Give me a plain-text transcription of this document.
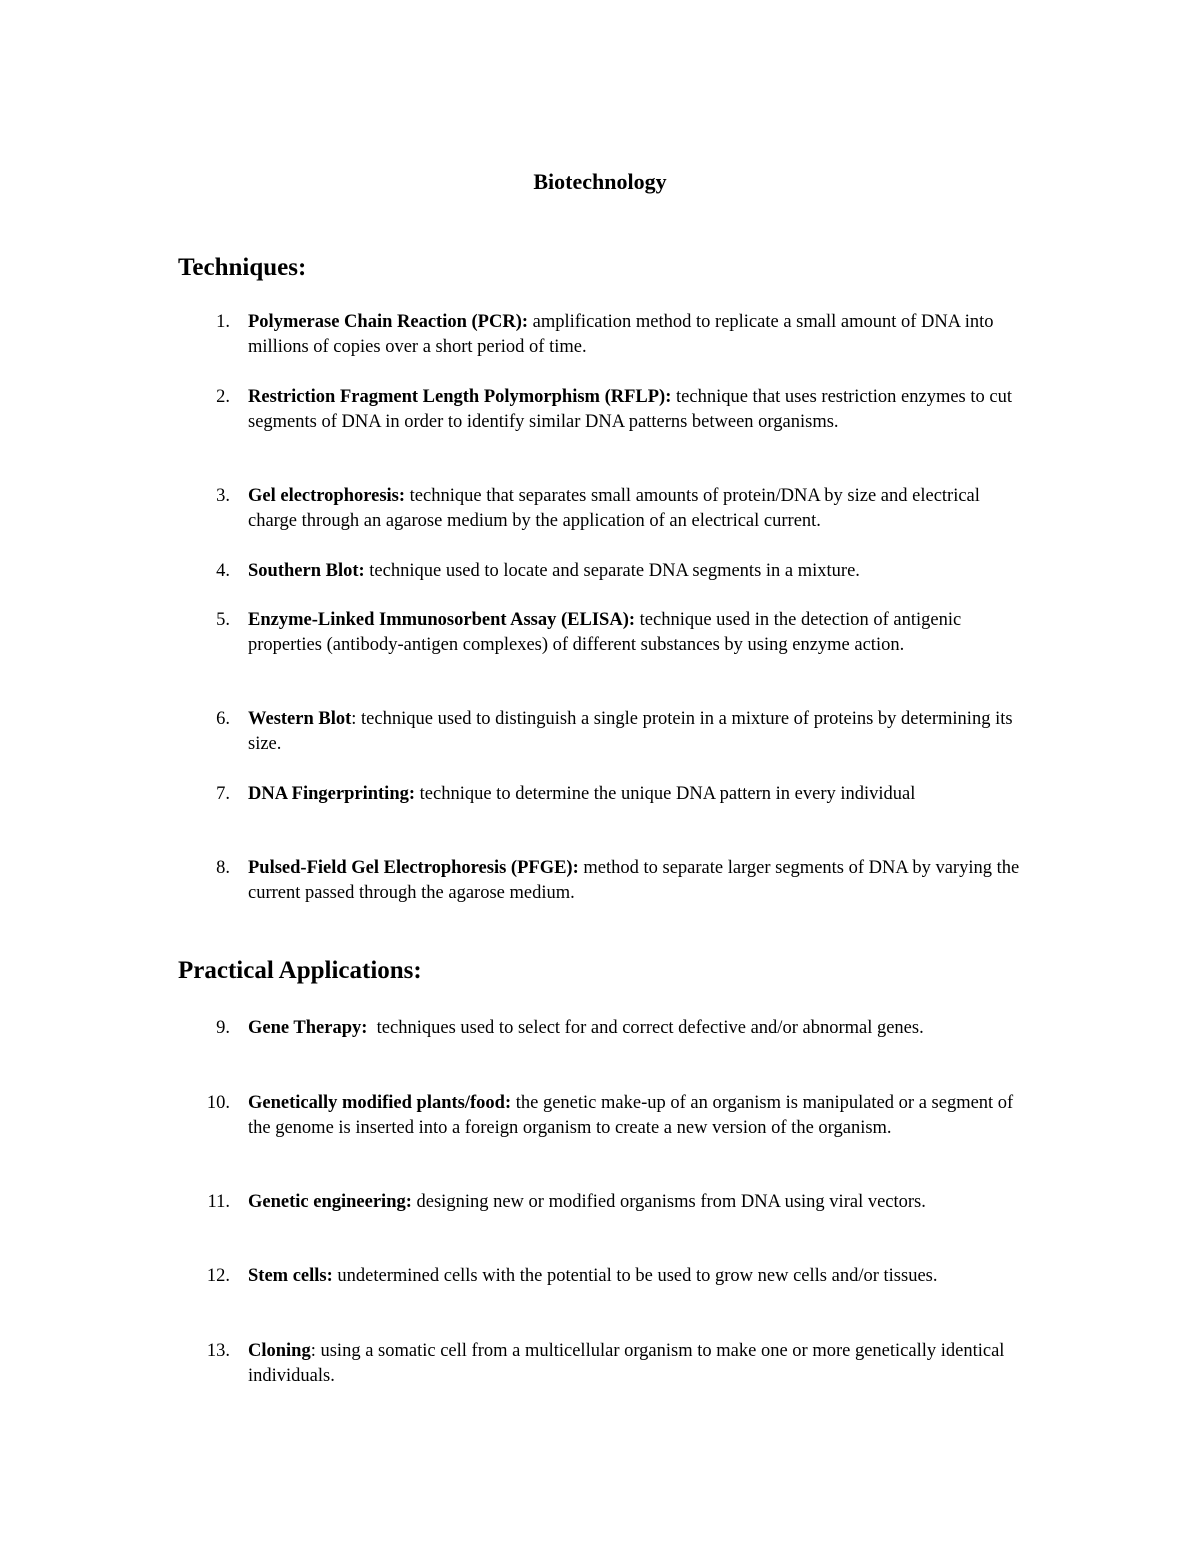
Biotechnology
Techniques:
1. Polymerase Chain Reaction (PCR): amplification method to replicate a small amount of DNA into millions of copies over a short period of time.

2. Restriction Fragment Length Polymorphism (RFLP): technique that uses restriction enzymes to cut segments of DNA in order to identify similar DNA patterns between organisms.

3. Gel electrophoresis: technique that separates small amounts of protein/DNA by size and electrical charge through an agarose medium by the application of an electrical current.

4. Southern Blot: technique used to locate and separate DNA segments in a mixture.

5. Enzyme-Linked Immunosorbent Assay (ELISA): technique used in the detection of antigenic properties (antibody-antigen complexes) of different substances by using enzyme action.

6. Western Blot: technique used to distinguish a single protein in a mixture of proteins by determining its size.

7. DNA Fingerprinting: technique to determine the unique DNA pattern in every individual

8. Pulsed-Field Gel Electrophoresis (PFGE): method to separate larger segments of DNA by varying the current passed through the agarose medium.

Practical Applications:
9. Gene Therapy:  techniques used to select for and correct defective and/or abnormal genes.

10. Genetically modified plants/food: the genetic make-up of an organism is manipulated or a segment of the genome is inserted into a foreign organism to create a new version of the organism.

11. Genetic engineering: designing new or modified organisms from DNA using viral vectors.

12. Stem cells: undetermined cells with the potential to be used to grow new cells and/or tissues.

13. Cloning: using a somatic cell from a multicellular organism to make one or more genetically identical individuals.
